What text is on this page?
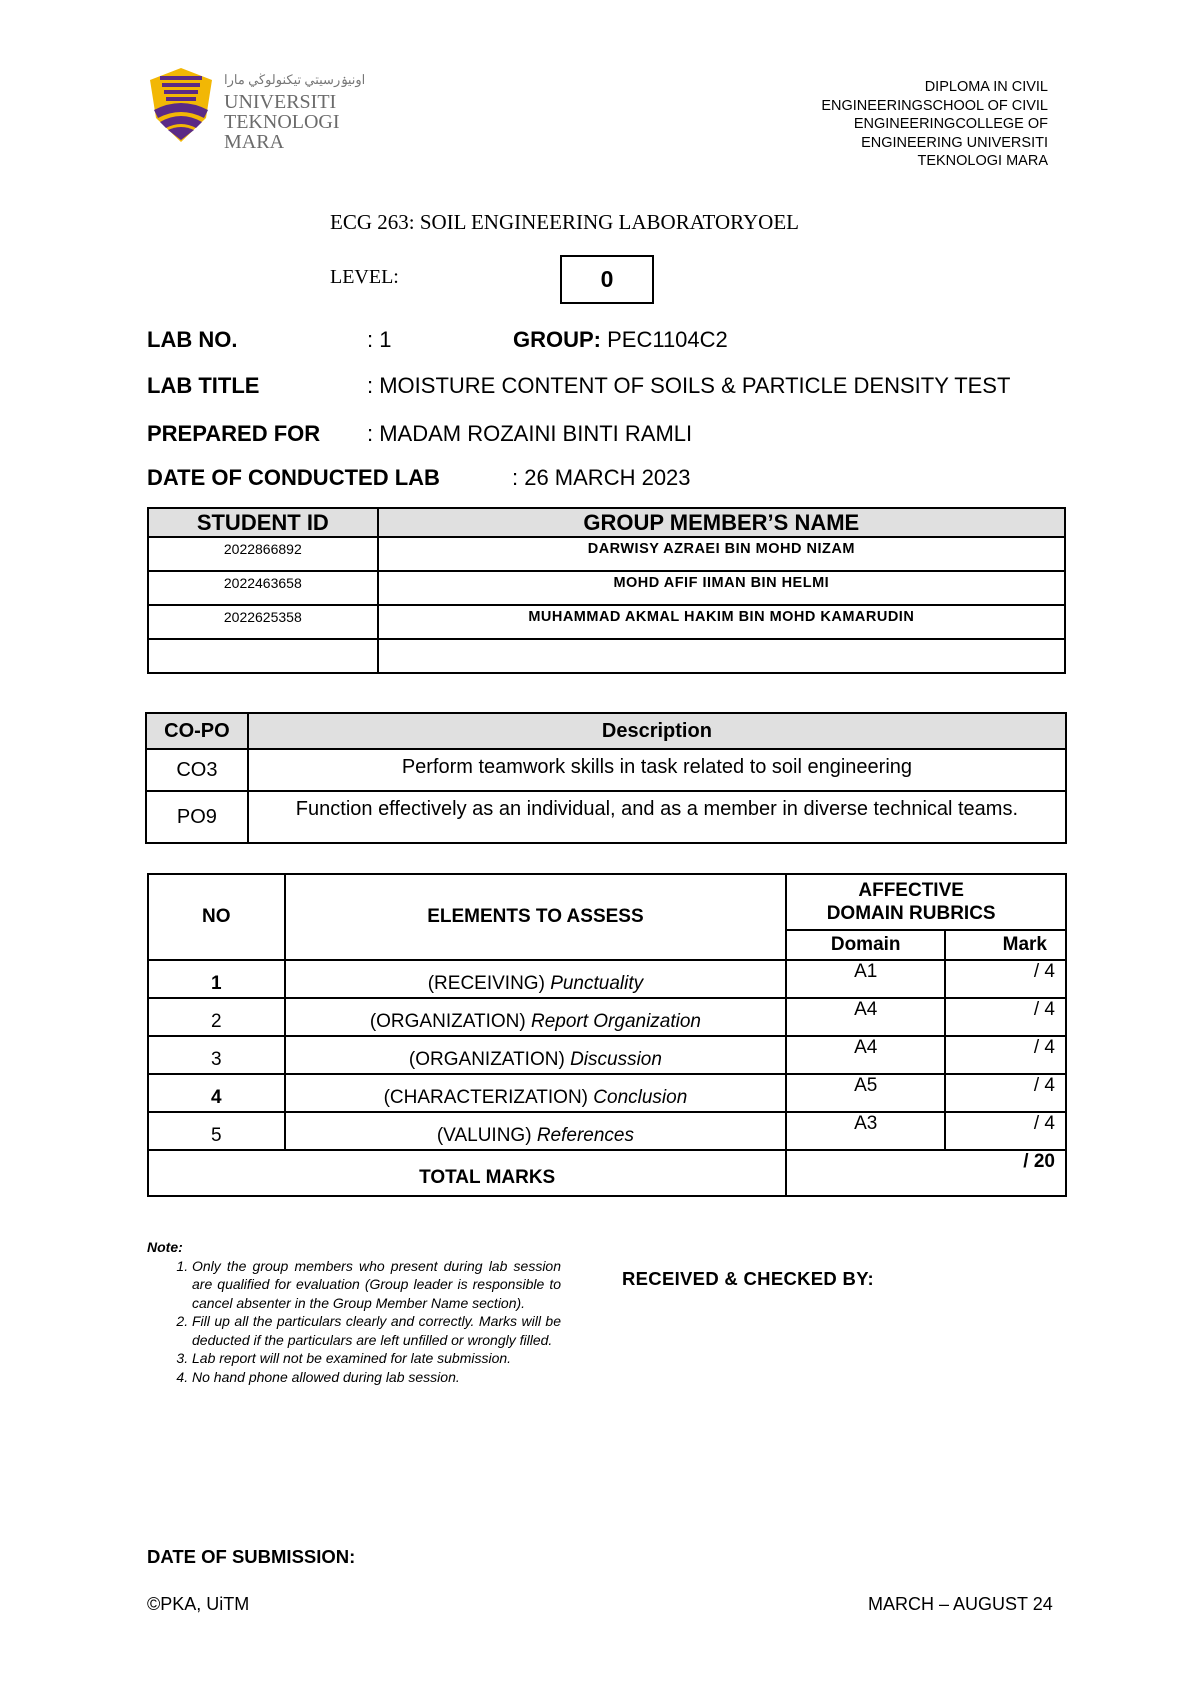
اونيۏرسيتي تيكنولوڬي مارا
UNIVERSITI
TEKNOLOGI
MARA
DIPLOMA IN CIVIL
ENGINEERINGSCHOOL OF CIVIL
ENGINEERINGCOLLEGE OF
ENGINEERING UNIVERSITI
TEKNOLOGI MARA
ECG 263: SOIL ENGINEERING LABORATORYOEL
LEVEL:	0
LAB NO.	: 1	GROUP: PEC1104C2
LAB TITLE	: MOISTURE CONTENT OF SOILS & PARTICLE DENSITY TEST
PREPARED FOR : MADAM ROZAINI BINTI RAMLI
DATE OF CONDUCTED LAB	: 26 MARCH 2023
STUDENT ID	GROUP MEMBER’S NAME
2022866892	DARWISY AZRAEI BIN MOHD NIZAM
2022463658	MOHD AFIF IIMAN BIN HELMI
2022625358	MUHAMMAD AKMAL HAKIM BIN MOHD KAMARUDIN

CO-PO	Description
CO3	Perform teamwork skills in task related to soil engineering
PO9	Function effectively as an individual, and as a member in diverse technical teams.
NO	ELEMENTS TO ASSESS	AFFECTIVE DOMAIN RUBRICS	
		Domain	Mark
1	(RECEIVING) Punctuality	A1	/ 4
2	(ORGANIZATION) Report Organization	A4	/ 4
3	(ORGANIZATION) Discussion	A4	/ 4
4	(CHARACTERIZATION) Conclusion	A5	/ 4
5	(VALUING) References	A3	/ 4
TOTAL MARKS		/ 20	
Note:
1. Only the group members who present during lab session are qualified for evaluation (Group leader is responsible to cancel absenter in the Group Member Name section).
2. Fill up all the particulars clearly and correctly. Marks will be deducted if the particulars are left unfilled or wrongly filled.
3. Lab report will not be examined for late submission.
4. No hand phone allowed during lab session.
RECEIVED & CHECKED BY:
DATE OF SUBMISSION:
©PKA, UiTM	MARCH – AUGUST 24
